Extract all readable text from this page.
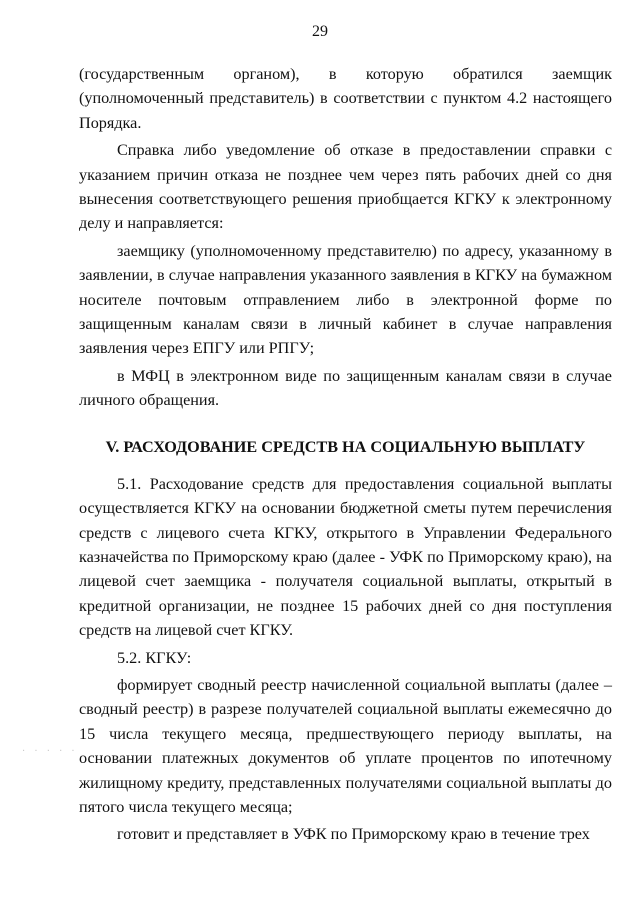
29

(государственным органом), в которую обратился заемщик (уполномоченный представитель) в соответствии с пунктом 4.2 настоящего Порядка.

Справка либо уведомление об отказе в предоставлении справки с указанием причин отказа не позднее чем через пять рабочих дней со дня вынесения соответствующего решения приобщается КГКУ к электронному делу и направляется:

заемщику (уполномоченному представителю) по адресу, указанному в заявлении, в случае направления указанного заявления в КГКУ на бумажном носителе почтовым отправлением либо в электронной форме по защищенным каналам связи в личный кабинет в случае направления заявления через ЕПГУ или РПГУ;

в МФЦ в электронном виде по защищенным каналам связи в случае личного обращения.

V. РАСХОДОВАНИЕ СРЕДСТВ НА СОЦИАЛЬНУЮ ВЫПЛАТУ

5.1. Расходование средств для предоставления социальной выплаты осуществляется КГКУ на основании бюджетной сметы путем перечисления средств с лицевого счета КГКУ, открытого в Управлении Федерального казначейства по Приморскому краю (далее - УФК по Приморскому краю), на лицевой счет заемщика - получателя социальной выплаты, открытый в кредитной организации, не позднее 15 рабочих дней со дня поступления средств на лицевой счет КГКУ.

5.2. КГКУ:

формирует сводный реестр начисленной социальной выплаты (далее – сводный реестр) в разрезе получателей социальной выплаты ежемесячно до 15 числа текущего месяца, предшествующего периоду выплаты, на основании платежных документов об уплате процентов по ипотечному жилищному кредиту, представленных получателями социальной выплаты до пятого числа текущего месяца;

готовит и представляет в УФК по Приморскому краю в течение трех

· · · · ·
